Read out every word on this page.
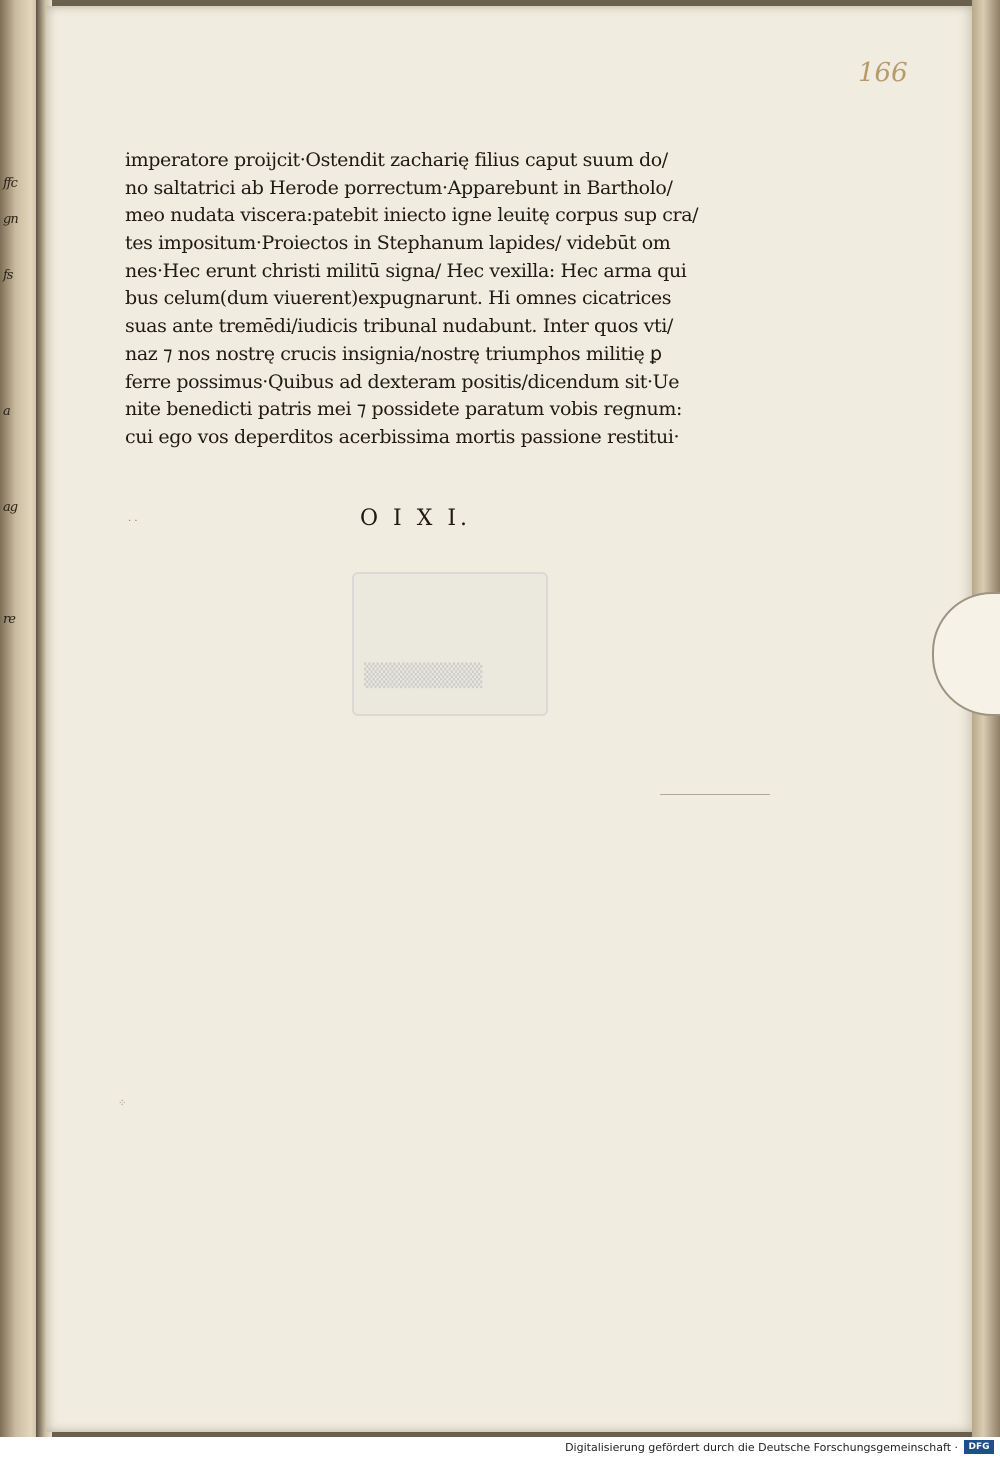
ffc
gn
fs
a
ag
re
166
imperatore proijcit·Ostendit zacharię filius caput suum do/
no saltatrici ab Herode porrectum·Apparebunt in Bartholo/
meo nudata viscera:patebit iniecto igne leuitę corpus sup cra/
tes impositum·Proiectos in Stephanum lapides/ videbūt om
nes·Hec erunt christi militū signa/ Hec vexilla: Hec arma qui
bus celum(dum viuerent)expugnarunt. Hi omnes cicatrices
suas ante tremēdi/iudicis tribunal nudabunt. Inter quos vti/
naz ⁊ nos nostrę crucis insignia/nostrę triumphos militię ꝑ
ferre possimus·Quibus ad dexteram positis/dicendum sit·Ue
nite benedicti patris mei ⁊ possidete paratum vobis regnum:
cui ego vos deperditos acerbissima mortis passione restitui·
O I X I.
▒▒▒▒▒▒▒
⁘
· ·
Digitalisierung gefördert durch die Deutsche Forschungsgemeinschaft ·	DFG
